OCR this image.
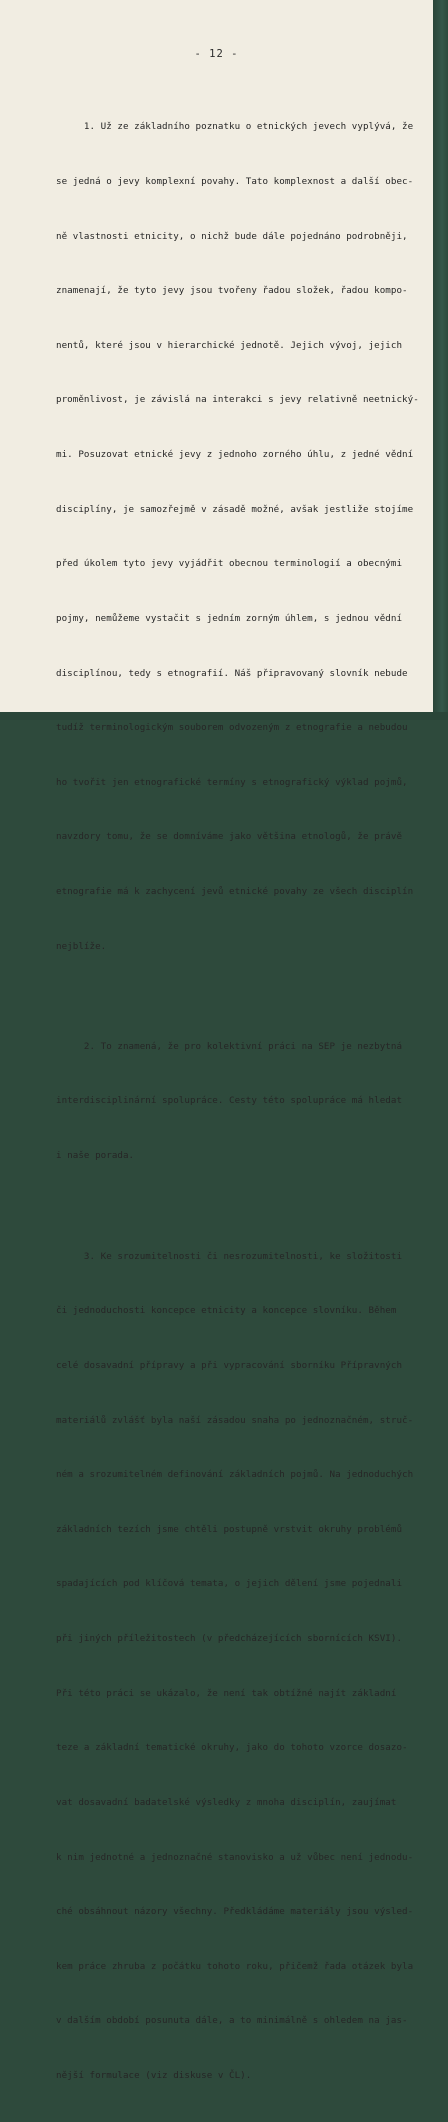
- 12 -

1. Už ze základního poznatku o etnických jevech vyplývá, že

se jedná o jevy komplexní povahy. Tato komplexnost a další obec-

ně vlastnosti etnicity, o nichž bude dále pojednáno podrobněji,

znamenají, že tyto jevy jsou tvořeny řadou složek, řadou kompo-

nentů, které jsou v hierarchické jednotě. Jejich vývoj, jejich

proměnlivost, je závislá na interakci s jevy relativně neetnický-

mi. Posuzovat etnické jevy z jednoho zorného úhlu, z jedné vědní

disciplíny, je samozřejmě v zásadě možné, avšak jestliže stojíme

před úkolem tyto jevy vyjádřit obecnou terminologií a obecnými

pojmy, nemůžeme vystačit s jedním zorným úhlem, s jednou vědní

disciplínou, tedy s etnografií. Náš připravovaný slovník nebude

tudíž terminologickým souborem odvozeným z etnografie a nebudou

ho tvořit jen etnografické termíny s etnografický výklad pojmů,

navzdory tomu, že se domníváme jako většina etnologů, že právě

etnografie má k zachycení jevů etnické povahy ze všech disciplín

nejblíže.

2. To znamená, že pro kolektivní práci na SEP je nezbytná

interdisciplinární spolupráce. Cesty této spolupráce má hledat

i naše porada.

3. Ke srozumitelnosti či nesrozumitelnosti, ke složitosti

či jednoduchosti koncepce etnicity a koncepce slovníku. Během

celé dosavadní přípravy a při vypracování sborníku Přípravných

materiálů zvlášť byla naší zásadou snaha po jednoznačném, struč-

ném a srozumitelném definování základních pojmů. Na jednoduchých

základních tezích jsme chtěli postupně vrstvit okruhy problémů

spadajících pod klíčová temata, o jejich dělení jsme pojednali

při jiných příležitostech (v předcházejících sbornících KSVI).

Při této práci se ukázalo, že není tak obtížné najít základní

teze a základní tematické okruhy, jako do tohoto vzorce dosazo-

vat dosavadní badatelské výsledky z mnoha disciplín, zaujímat

k nim jednotné a jednoznačné stanovisko a už vůbec není jednodu-

ché obsáhnout názory všechny. Předkládáme materiály jsou výsled-

kem práce zhruba z počátku tohoto roku, přičemž řada otázek byla

v dalším období posunuta dále, a to minimálně s ohledem na jas-

nější formulace (viz diskuse v ČL).
